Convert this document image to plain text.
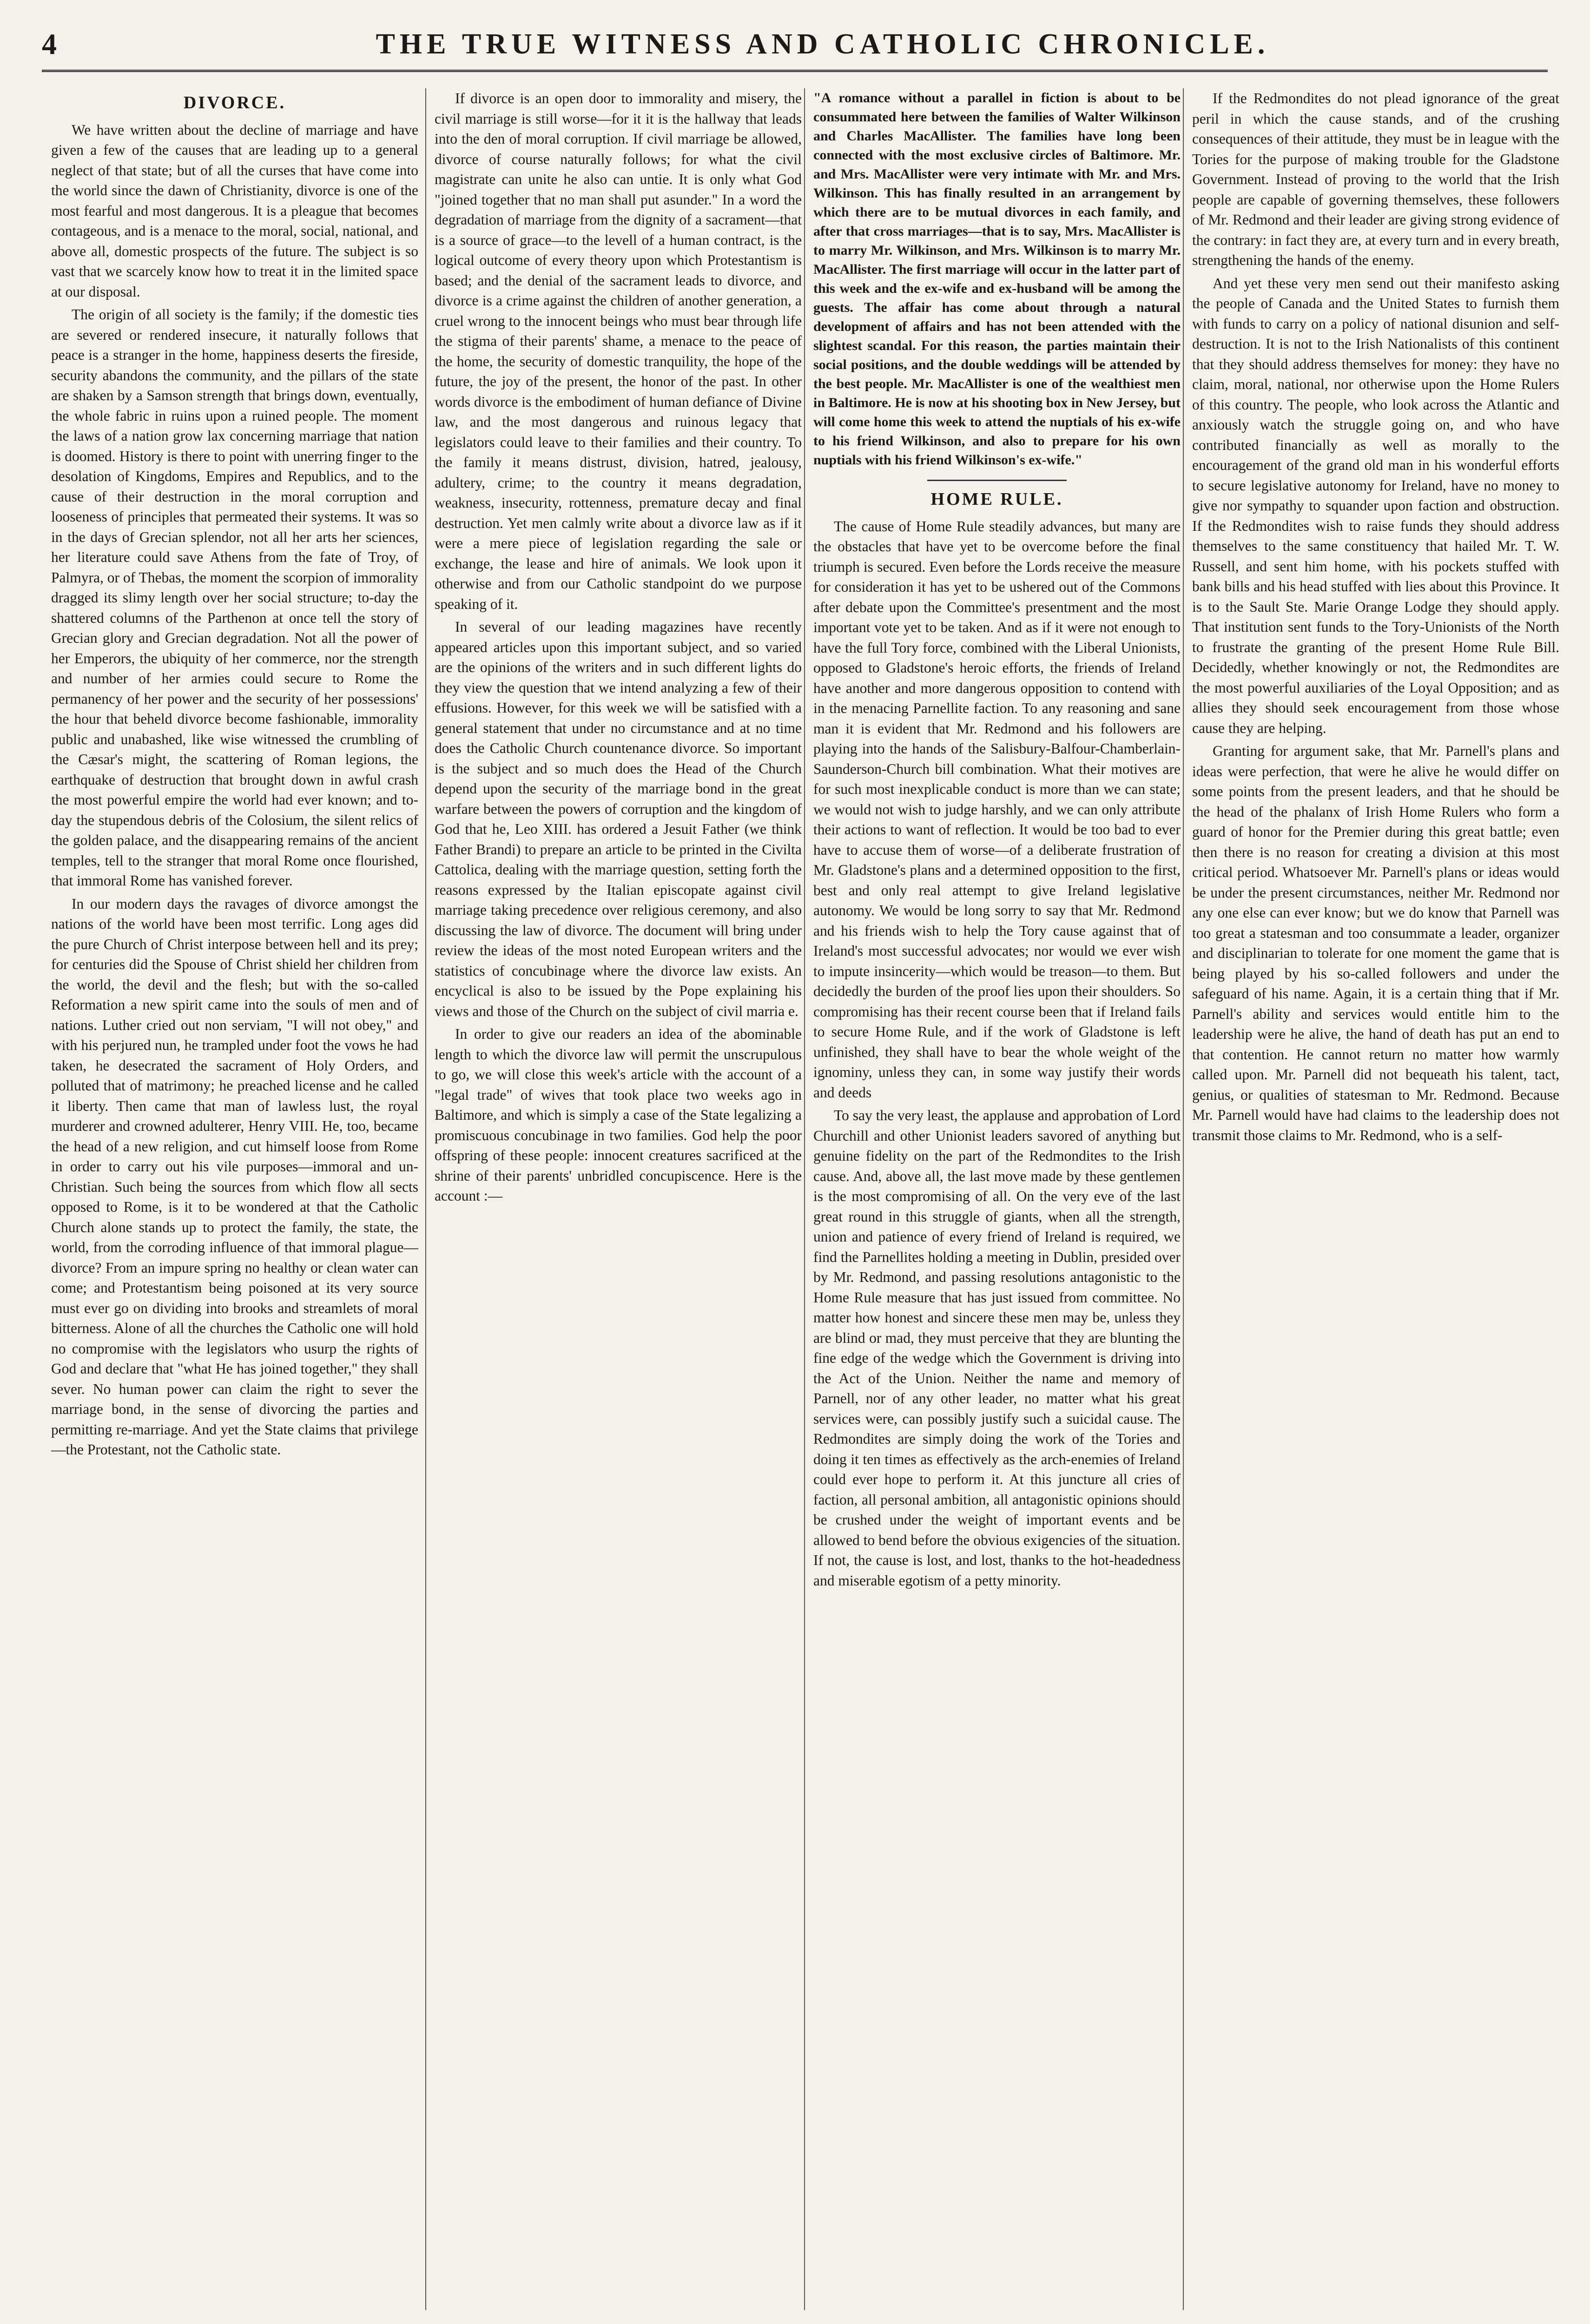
4	THE TRUE WITNESS AND CATHOLIC CHRONICLE.
DIVORCE.

We have written about the decline of marriage and have given a few of the causes that are leading up to a general neglect of that state; but of all the curses that have come into the world since the dawn of Christianity, divorce is one of the most fearful and most dangerous. It is a pleague that becomes contageous, and is a menace to the moral, social, national, and above all, domestic prospects of the future. The subject is so vast that we scarcely know how to treat it in the limited space at our disposal.

The origin of all society is the family; if the domestic ties are severed or rendered insecure, it naturally follows that peace is a stranger in the home, happiness deserts the fireside, security abandons the community, and the pillars of the state are shaken by a Samson strength that brings down, eventually, the whole fabric in ruins upon a ruined people. The moment the laws of a nation grow lax concerning marriage that nation is doomed. History is there to point with unerring finger to the desolation of Kingdoms, Empires and Republics, and to the cause of their destruction in the moral corruption and looseness of principles that permeated their systems. It was so in the days of Grecian splendor, not all her arts her sciences, her literature could save Athens from the fate of Troy, of Palmyra, or of Thebas, the moment the scorpion of immorality dragged its slimy length over her social structure; to-day the shattered columns of the Parthenon at once tell the story of Grecian glory and Grecian degradation. Not all the power of her Emperors, the ubiquity of her commerce, nor the strength and number of her armies could secure to Rome the permanency of her power and the security of her possessions' the hour that beheld divorce become fashionable, immorality public and unabashed, like wise witnessed the crumbling of the Cæsar's might, the scattering of Roman legions, the earthquake of destruction that brought down in awful crash the most powerful empire the world had ever known; and to-day the stupendous debris of the Colosium, the silent relics of the golden palace, and the disappearing remains of the ancient temples, tell to the stranger that moral Rome once flourished, that immoral Rome has vanished forever.

In our modern days the ravages of divorce amongst the nations of the world have been most terrific. Long ages did the pure Church of Christ interpose between hell and its prey; for centuries did the Spouse of Christ shield her children from the world, the devil and the flesh; but with the so-called Reformation a new spirit came into the souls of men and of nations. Luther cried out non serviam, "I will not obey," and with his perjured nun, he trampled under foot the vows he had taken, he desecrated the sacrament of Holy Orders, and polluted that of matrimony; he preached license and he called it liberty. Then came that man of lawless lust, the royal murderer and crowned adulterer, Henry VIII. He, too, became the head of a new religion, and cut himself loose from Rome in order to carry out his vile purposes—immoral and un-Christian. Such being the sources from which flow all sects opposed to Rome, is it to be wondered at that the Catholic Church alone stands up to protect the family, the state, the world, from the corroding influence of that immoral plague—divorce? From an impure spring no healthy or clean water can come; and Protestantism being poisoned at its very source must ever go on dividing into brooks and streamlets of moral bitterness. Alone of all the churches the Catholic one will hold no compromise with the legislators who usurp the rights of God and declare that "what He has joined together," they shall sever. No human power can claim the right to sever the marriage bond, in the sense of divorcing the parties and permitting re-marriage. And yet the State claims that privilege—the Protestant, not the Catholic state.

If divorce is an open door to immorality and misery, the civil marriage is still worse—for it it is the hallway that leads into the den of moral corruption. If civil marriage be allowed, divorce of course naturally follows; for what the civil magistrate can unite he also can untie. It is only what God "joined together that no man shall put asunder." In a word the degradation of marriage from the dignity of a sacrament—that is a source of grace—to the levell of a human contract, is the logical outcome of every theory upon which Protestantism is based; and the denial of the sacrament leads to divorce, and divorce is a crime against the children of another generation, a cruel wrong to the innocent beings who must bear through life the stigma of their parents' shame, a menace to the peace of the home, the security of domestic tranquility, the hope of the future, the joy of the present, the honor of the past. In other words divorce is the embodiment of human defiance of Divine law, and the most dangerous and ruinous legacy that legislators could leave to their families and their country. To the family it means distrust, division, hatred, jealousy, adultery, crime; to the country it means degradation, weakness, insecurity, rottenness, premature decay and final destruction. Yet men calmly write about a divorce law as if it were a mere piece of legislation regarding the sale or exchange, the lease and hire of animals. We look upon it otherwise and from our Catholic standpoint do we purpose speaking of it.

In several of our leading magazines have recently appeared articles upon this important subject, and so varied are the opinions of the writers and in such different lights do they view the question that we intend analyzing a few of their effusions. However, for this week we will be satisfied with a general statement that under no circumstance and at no time does the Catholic Church countenance divorce. So important is the subject and so much does the Head of the Church depend upon the security of the marriage bond in the great warfare between the powers of corruption and the kingdom of God that he, Leo XIII. has ordered a Jesuit Father (we think Father Brandi) to prepare an article to be printed in the Civilta Cattolica, dealing with the marriage question, setting forth the reasons expressed by the Italian episcopate against civil marriage taking precedence over religious ceremony, and also discussing the law of divorce. The document will bring under review the ideas of the most noted European writers and the statistics of concubinage where the divorce law exists. An encyclical is also to be issued by the Pope explaining his views and those of the Church on the subject of civil marria e.

In order to give our readers an idea of the abominable length to which the divorce law will permit the unscrupulous to go, we will close this week's article with the account of a "legal trade" of wives that took place two weeks ago in Baltimore, and which is simply a case of the State legalizing a promiscuous concubinage in two families. God help the poor offspring of these people: innocent creatures sacrificed at the shrine of their parents' unbridled concupiscence. Here is the account :—

"A romance without a parallel in fiction is about to be consummated here between the families of Walter Wilkinson and Charles MacAllister. The families have long been connected with the most exclusive circles of Baltimore. Mr. and Mrs. MacAllister were very intimate with Mr. and Mrs. Wilkinson. This has finally resulted in an arrangement by which there are to be mutual divorces in each family, and after that cross marriages—that is to say, Mrs. MacAllister is to marry Mr. Wilkinson, and Mrs. Wilkinson is to marry Mr. MacAllister. The first marriage will occur in the latter part of this week and the ex-wife and ex-husband will be among the guests. The affair has come about through a natural development of affairs and has not been attended with the slightest scandal. For this reason, the parties maintain their social positions, and the double weddings will be attended by the best people. Mr. MacAllister is one of the wealthiest men in Baltimore. He is now at his shooting box in New Jersey, but will come home this week to attend the nuptials of his ex-wife to his friend Wilkinson, and also to prepare for his own nuptials with his friend Wilkinson's ex-wife."

HOME RULE.

The cause of Home Rule steadily advances, but many are the obstacles that have yet to be overcome before the final triumph is secured. Even before the Lords receive the measure for consideration it has yet to be ushered out of the Commons after debate upon the Committee's presentment and the most important vote yet to be taken. And as if it were not enough to have the full Tory force, combined with the Liberal Unionists, opposed to Gladstone's heroic efforts, the friends of Ireland have another and more dangerous opposition to contend with in the menacing Parnellite faction. To any reasoning and sane man it is evident that Mr. Redmond and his followers are playing into the hands of the Salisbury-Balfour-Chamberlain-Saunderson-Church bill combination. What their motives are for such most inexplicable conduct is more than we can state; we would not wish to judge harshly, and we can only attribute their actions to want of reflection. It would be too bad to ever have to accuse them of worse—of a deliberate frustration of Mr. Gladstone's plans and a determined opposition to the first, best and only real attempt to give Ireland legislative autonomy. We would be long sorry to say that Mr. Redmond and his friends wish to help the Tory cause against that of Ireland's most successful advocates; nor would we ever wish to impute insincerity—which would be treason—to them. But decidedly the burden of the proof lies upon their shoulders. So compromising has their recent course been that if Ireland fails to secure Home Rule, and if the work of Gladstone is left unfinished, they shall have to bear the whole weight of the ignominy, unless they can, in some way justify their words and deeds

To say the very least, the applause and approbation of Lord Churchill and other Unionist leaders savored of anything but genuine fidelity on the part of the Redmondites to the Irish cause. And, above all, the last move made by these gentlemen is the most compromising of all. On the very eve of the last great round in this struggle of giants, when all the strength, union and patience of every friend of Ireland is required, we find the Parnellites holding a meeting in Dublin, presided over by Mr. Redmond, and passing resolutions antagonistic to the Home Rule measure that has just issued from committee. No matter how honest and sincere these men may be, unless they are blind or mad, they must perceive that they are blunting the fine edge of the wedge which the Government is driving into the Act of the Union. Neither the name and memory of Parnell, nor of any other leader, no matter what his great services were, can possibly justify such a suicidal cause. The Redmondites are simply doing the work of the Tories and doing it ten times as effectively as the arch-enemies of Ireland could ever hope to perform it. At this juncture all cries of faction, all personal ambition, all antagonistic opinions should be crushed under the weight of important events and be allowed to bend before the obvious exigencies of the situation. If not, the cause is lost, and lost, thanks to the hot-headedness and miserable egotism of a petty minority.

If the Redmondites do not plead ignorance of the great peril in which the cause stands, and of the crushing consequences of their attitude, they must be in league with the Tories for the purpose of making trouble for the Gladstone Government. Instead of proving to the world that the Irish people are capable of governing themselves, these followers of Mr. Redmond and their leader are giving strong evidence of the contrary: in fact they are, at every turn and in every breath, strengthening the hands of the enemy.

And yet these very men send out their manifesto asking the people of Canada and the United States to furnish them with funds to carry on a policy of national disunion and self-destruction. It is not to the Irish Nationalists of this continent that they should address themselves for money: they have no claim, moral, national, nor otherwise upon the Home Rulers of this country. The people, who look across the Atlantic and anxiously watch the struggle going on, and who have contributed financially as well as morally to the encouragement of the grand old man in his wonderful efforts to secure legislative autonomy for Ireland, have no money to give nor sympathy to squander upon faction and obstruction. If the Redmondites wish to raise funds they should address themselves to the same constituency that hailed Mr. T. W. Russell, and sent him home, with his pockets stuffed with bank bills and his head stuffed with lies about this Province. It is to the Sault Ste. Marie Orange Lodge they should apply. That institution sent funds to the Tory-Unionists of the North to frustrate the granting of the present Home Rule Bill. Decidedly, whether knowingly or not, the Redmondites are the most powerful auxiliaries of the Loyal Opposition; and as allies they should seek encouragement from those whose cause they are helping.

Granting for argument sake, that Mr. Parnell's plans and ideas were perfection, that were he alive he would differ on some points from the present leaders, and that he should be the head of the phalanx of Irish Home Rulers who form a guard of honor for the Premier during this great battle; even then there is no reason for creating a division at this most critical period. Whatsoever Mr. Parnell's plans or ideas would be under the present circumstances, neither Mr. Redmond nor any one else can ever know; but we do know that Parnell was too great a statesman and too consummate a leader, organizer and disciplinarian to tolerate for one moment the game that is being played by his so-called followers and under the safeguard of his name. Again, it is a certain thing that if Mr. Parnell's ability and services would entitle him to the leadership were he alive, the hand of death has put an end to that contention. He cannot return no matter how warmly called upon. Mr. Parnell did not bequeath his talent, tact, genius, or qualities of statesman to Mr. Redmond. Because Mr. Parnell would have had claims to the leadership does not transmit those claims to Mr. Redmond, who is a self-
